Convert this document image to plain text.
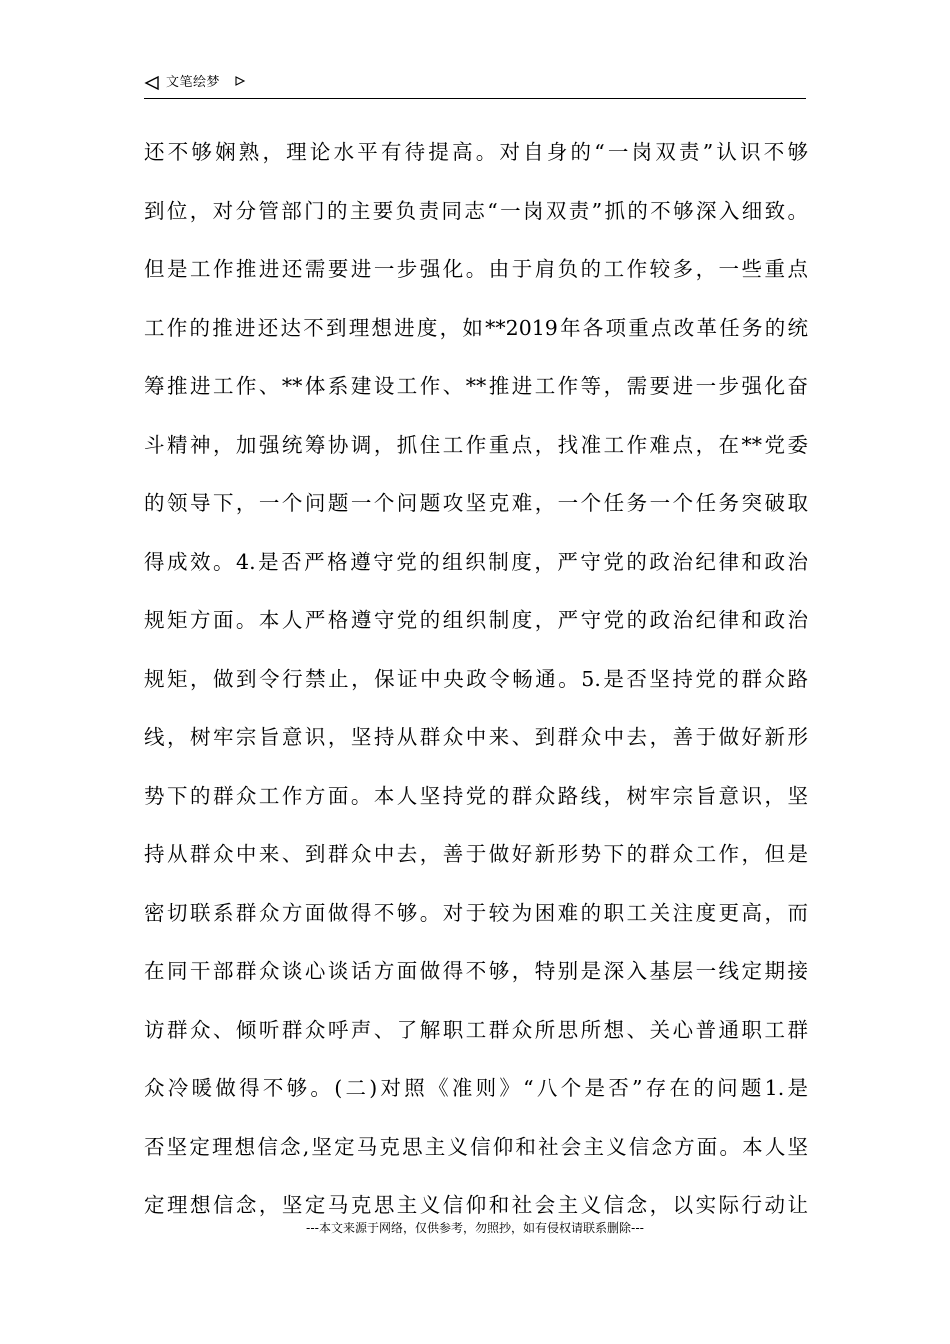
文笔绘梦
还不够娴熟，理论水平有待提高。对自身的“一岗双责”认识不够
到位，对分管部门的主要负责同志“一岗双责”抓的不够深入细致。
但是工作推进还需要进一步强化。由于肩负的工作较多，一些重点
工作的推进还达不到理想进度，如**2019年各项重点改革任务的统
筹推进工作、**体系建设工作、**推进工作等，需要进一步强化奋
斗精神，加强统筹协调，抓住工作重点，找准工作难点，在**党委
的领导下，一个问题一个问题攻坚克难，一个任务一个任务突破取
得成效。4.是否严格遵守党的组织制度，严守党的政治纪律和政治
规矩方面。本人严格遵守党的组织制度，严守党的政治纪律和政治
规矩，做到令行禁止，保证中央政令畅通。5.是否坚持党的群众路
线，树牢宗旨意识，坚持从群众中来、到群众中去，善于做好新形
势下的群众工作方面。本人坚持党的群众路线，树牢宗旨意识，坚
持从群众中来、到群众中去，善于做好新形势下的群众工作，但是
密切联系群众方面做得不够。对于较为困难的职工关注度更高，而
在同干部群众谈心谈话方面做得不够，特别是深入基层一线定期接
访群众、倾听群众呼声、了解职工群众所思所想、关心普通职工群
众冷暖做得不够。(二)对照《准则》“八个是否”存在的问题1.是
否坚定理想信念,坚定马克思主义信仰和社会主义信念方面。本人坚
定理想信念，坚定马克思主义信仰和社会主义信念，以实际行动让
---本文来源于网络，仅供参考，勿照抄，如有侵权请联系删除---
